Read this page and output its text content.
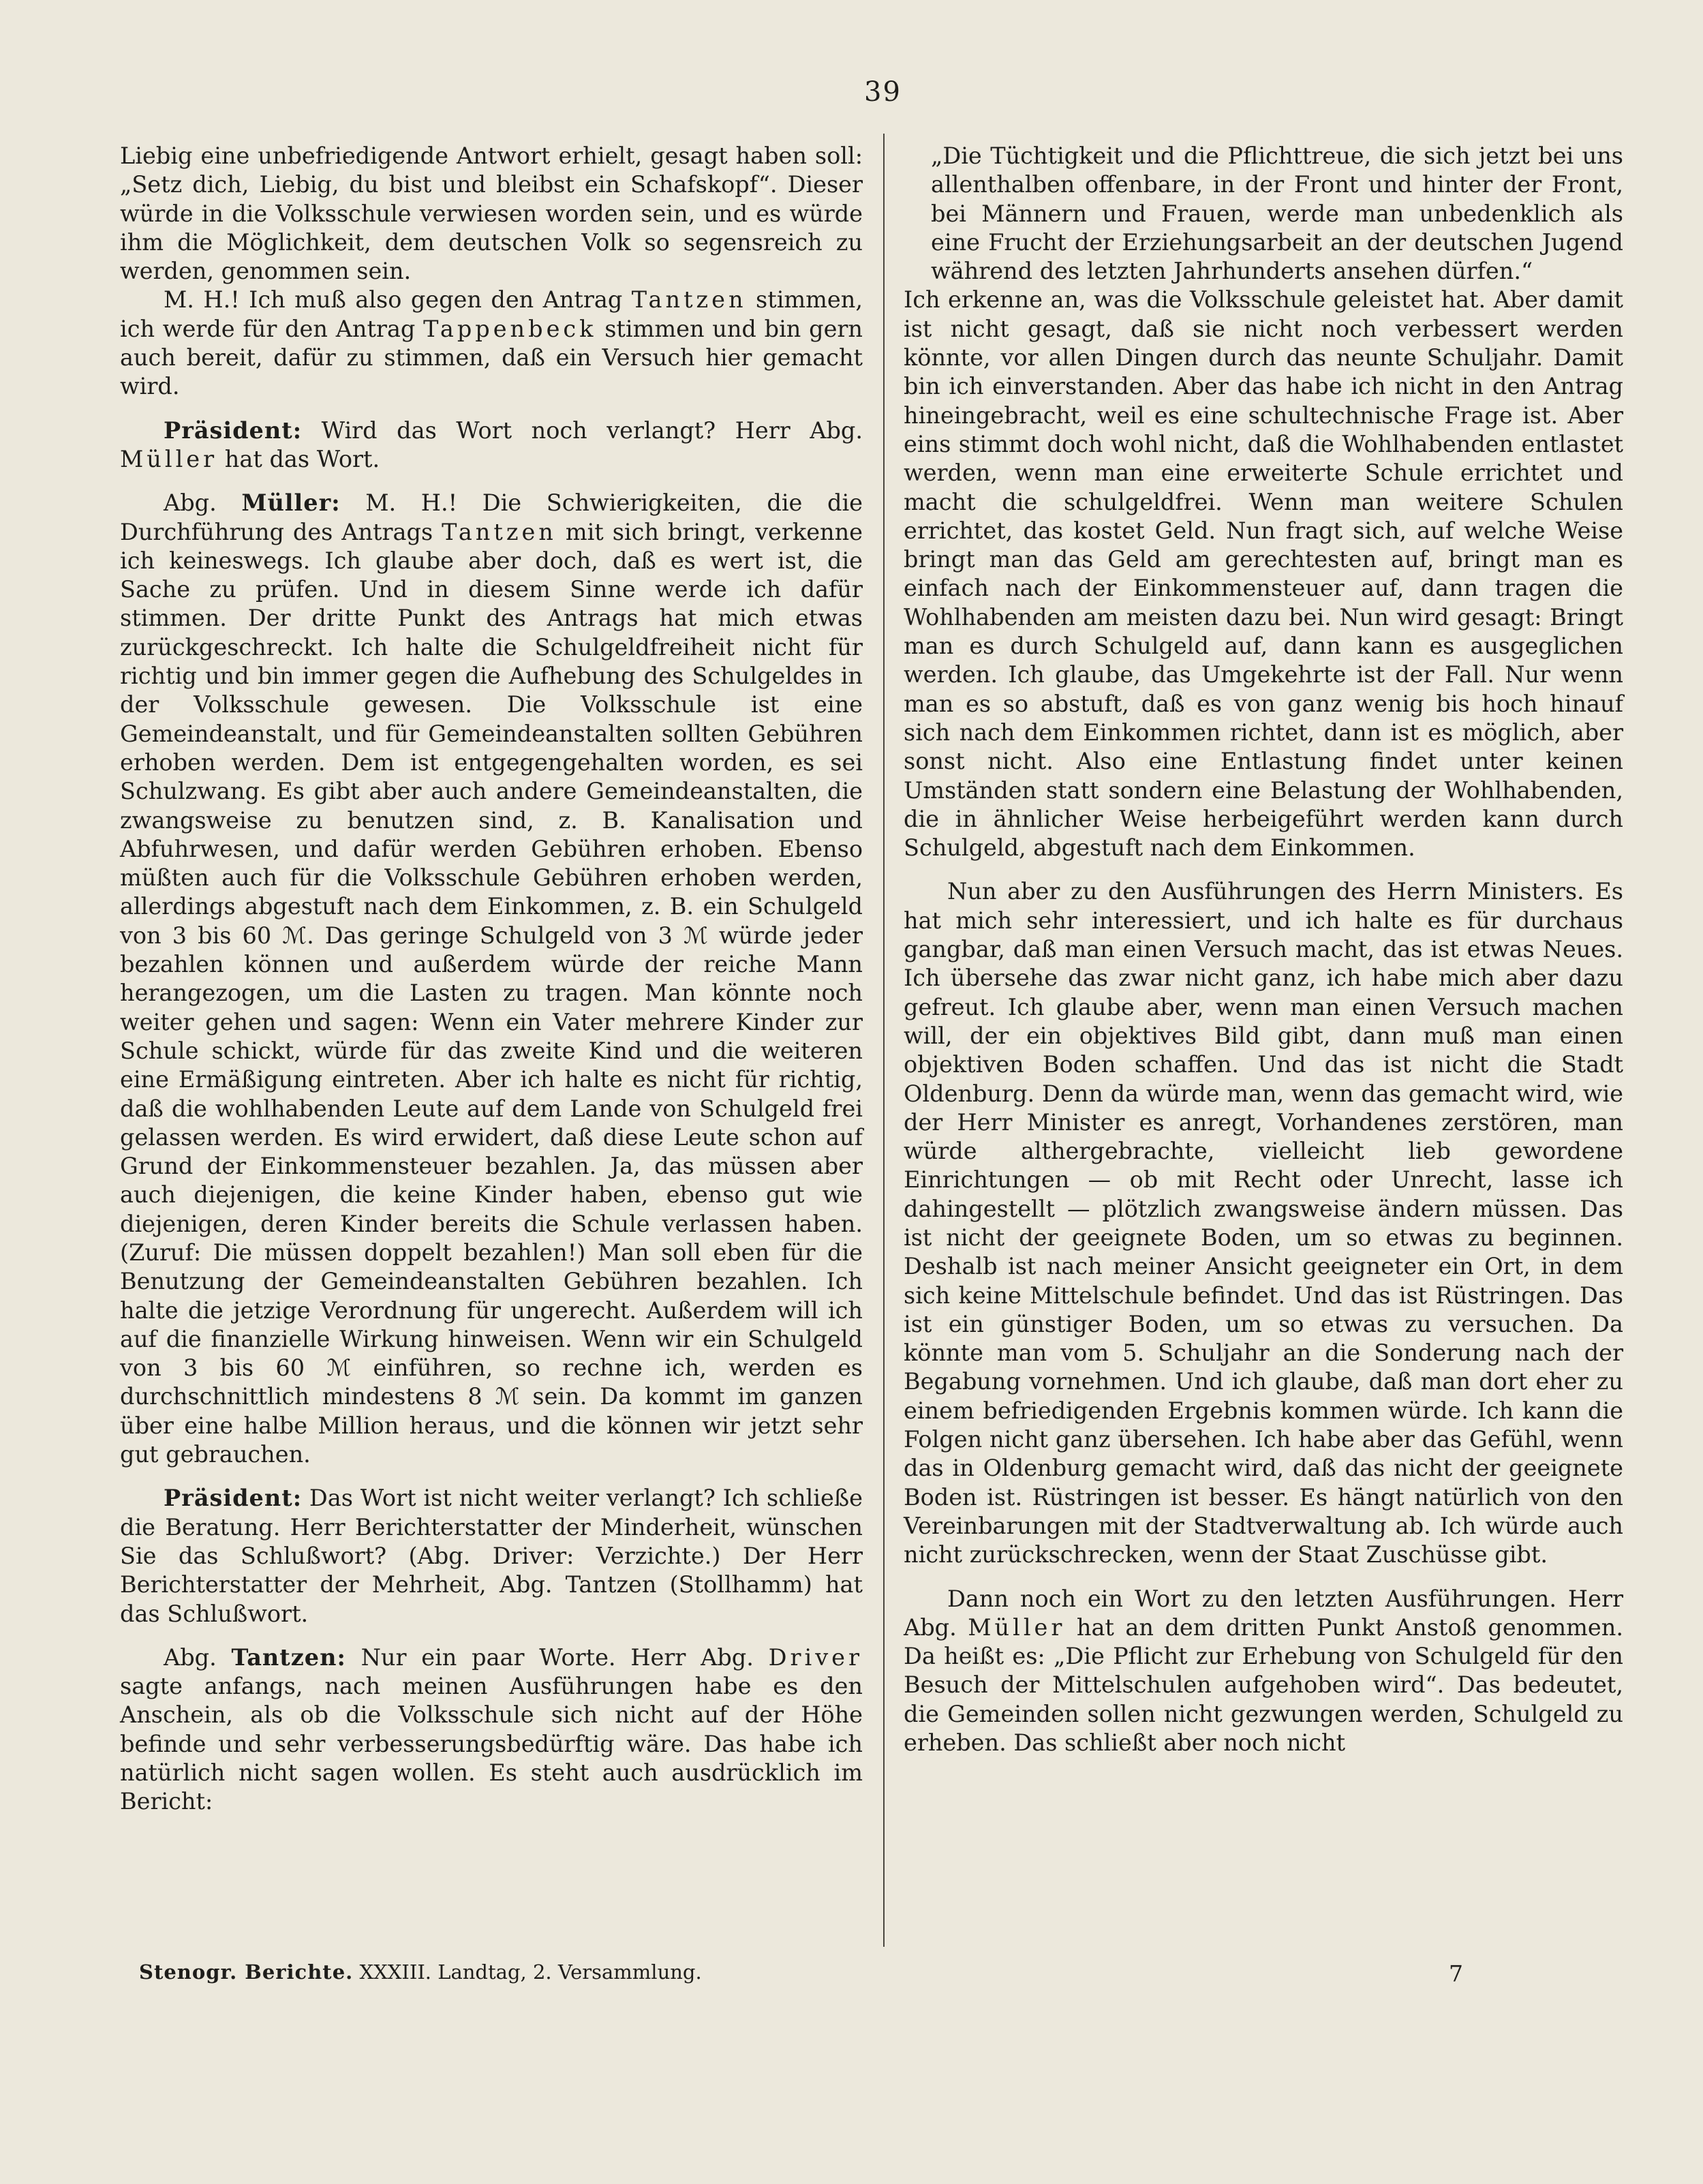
39

Liebig eine unbefriedigende Antwort erhielt, gesagt haben soll: „Setz dich, Liebig, du bist und bleibst ein Schafskopf“. Dieser würde in die Volksschule verwiesen worden sein, und es würde ihm die Möglichkeit, dem deutschen Volk so segensreich zu werden, genommen sein.

M. H.! Ich muß also gegen den Antrag Tantzen stimmen, ich werde für den Antrag Tappenbeck stimmen und bin gern auch bereit, dafür zu stimmen, daß ein Versuch hier gemacht wird.

Präsident: Wird das Wort noch verlangt? Herr Abg. Müller hat das Wort.

Abg. Müller: M. H.! Die Schwierigkeiten, die die Durchführung des Antrags Tantzen mit sich bringt, verkenne ich keineswegs. Ich glaube aber doch, daß es wert ist, die Sache zu prüfen. Und in diesem Sinne werde ich dafür stimmen. Der dritte Punkt des Antrags hat mich etwas zurückgeschreckt. Ich halte die Schulgeldfreiheit nicht für richtig und bin immer gegen die Aufhebung des Schulgeldes in der Volksschule gewesen. Die Volksschule ist eine Gemeindeanstalt, und für Gemeindeanstalten sollten Gebühren erhoben werden. Dem ist entgegengehalten worden, es sei Schulzwang. Es gibt aber auch andere Gemeindeanstalten, die zwangsweise zu benutzen sind, z. B. Kanalisation und Abfuhrwesen, und dafür werden Gebühren erhoben. Ebenso müßten auch für die Volksschule Gebühren erhoben werden, allerdings abgestuft nach dem Einkommen, z. B. ein Schulgeld von 3 bis 60 ℳ. Das geringe Schulgeld von 3 ℳ würde jeder bezahlen können und außerdem würde der reiche Mann herangezogen, um die Lasten zu tragen. Man könnte noch weiter gehen und sagen: Wenn ein Vater mehrere Kinder zur Schule schickt, würde für das zweite Kind und die weiteren eine Ermäßigung eintreten. Aber ich halte es nicht für richtig, daß die wohlhabenden Leute auf dem Lande von Schulgeld frei gelassen werden. Es wird erwidert, daß diese Leute schon auf Grund der Einkommensteuer bezahlen. Ja, das müssen aber auch diejenigen, die keine Kinder haben, ebenso gut wie diejenigen, deren Kinder bereits die Schule verlassen haben. (Zuruf: Die müssen doppelt bezahlen!) Man soll eben für die Benutzung der Gemeindeanstalten Gebühren bezahlen. Ich halte die jetzige Verordnung für ungerecht. Außerdem will ich auf die finanzielle Wirkung hinweisen. Wenn wir ein Schulgeld von 3 bis 60 ℳ einführen, so rechne ich, werden es durchschnittlich mindestens 8 ℳ sein. Da kommt im ganzen über eine halbe Million heraus, und die können wir jetzt sehr gut gebrauchen.

Präsident: Das Wort ist nicht weiter verlangt? Ich schließe die Beratung. Herr Berichterstatter der Minderheit, wünschen Sie das Schlußwort? (Abg. Driver: Verzichte.) Der Herr Berichterstatter der Mehrheit, Abg. Tantzen (Stollhamm) hat das Schlußwort.

Abg. Tantzen: Nur ein paar Worte. Herr Abg. Driver sagte anfangs, nach meinen Ausführungen habe es den Anschein, als ob die Volksschule sich nicht auf der Höhe befinde und sehr verbesserungsbedürftig wäre. Das habe ich natürlich nicht sagen wollen. Es steht auch ausdrücklich im Bericht:

„Die Tüchtigkeit und die Pflichttreue, die sich jetzt bei uns allenthalben offenbare, in der Front und hinter der Front, bei Männern und Frauen, werde man unbedenklich als eine Frucht der Erziehungsarbeit an der deutschen Jugend während des letzten Jahrhunderts ansehen dürfen.“

Ich erkenne an, was die Volksschule geleistet hat. Aber damit ist nicht gesagt, daß sie nicht noch verbessert werden könnte, vor allen Dingen durch das neunte Schuljahr. Damit bin ich einverstanden. Aber das habe ich nicht in den Antrag hineingebracht, weil es eine schultechnische Frage ist. Aber eins stimmt doch wohl nicht, daß die Wohlhabenden entlastet werden, wenn man eine erweiterte Schule errichtet und macht die schulgeldfrei. Wenn man weitere Schulen errichtet, das kostet Geld. Nun fragt sich, auf welche Weise bringt man das Geld am gerechtesten auf, bringt man es einfach nach der Einkommensteuer auf, dann tragen die Wohlhabenden am meisten dazu bei. Nun wird gesagt: Bringt man es durch Schulgeld auf, dann kann es ausgeglichen werden. Ich glaube, das Umgekehrte ist der Fall. Nur wenn man es so abstuft, daß es von ganz wenig bis hoch hinauf sich nach dem Einkommen richtet, dann ist es möglich, aber sonst nicht. Also eine Entlastung findet unter keinen Umständen statt sondern eine Belastung der Wohlhabenden, die in ähnlicher Weise herbeigeführt werden kann durch Schulgeld, abgestuft nach dem Einkommen.

Nun aber zu den Ausführungen des Herrn Ministers. Es hat mich sehr interessiert, und ich halte es für durchaus gangbar, daß man einen Versuch macht, das ist etwas Neues. Ich übersehe das zwar nicht ganz, ich habe mich aber dazu gefreut. Ich glaube aber, wenn man einen Versuch machen will, der ein objektives Bild gibt, dann muß man einen objektiven Boden schaffen. Und das ist nicht die Stadt Oldenburg. Denn da würde man, wenn das gemacht wird, wie der Herr Minister es anregt, Vorhandenes zerstören, man würde althergebrachte, vielleicht lieb gewordene Einrichtungen — ob mit Recht oder Unrecht, lasse ich dahingestellt — plötzlich zwangsweise ändern müssen. Das ist nicht der geeignete Boden, um so etwas zu beginnen. Deshalb ist nach meiner Ansicht geeigneter ein Ort, in dem sich keine Mittelschule befindet. Und das ist Rüstringen. Das ist ein günstiger Boden, um so etwas zu versuchen. Da könnte man vom 5. Schuljahr an die Sonderung nach der Begabung vornehmen. Und ich glaube, daß man dort eher zu einem befriedigenden Ergebnis kommen würde. Ich kann die Folgen nicht ganz übersehen. Ich habe aber das Gefühl, wenn das in Oldenburg gemacht wird, daß das nicht der geeignete Boden ist. Rüstringen ist besser. Es hängt natürlich von den Vereinbarungen mit der Stadtverwaltung ab. Ich würde auch nicht zurückschrecken, wenn der Staat Zuschüsse gibt.

Dann noch ein Wort zu den letzten Ausführungen. Herr Abg. Müller hat an dem dritten Punkt Anstoß genommen. Da heißt es: „Die Pflicht zur Erhebung von Schulgeld für den Besuch der Mittelschulen aufgehoben wird“. Das bedeutet, die Gemeinden sollen nicht gezwungen werden, Schulgeld zu erheben. Das schließt aber noch nicht

Stenogr. Berichte. XXXIII. Landtag, 2. Versammlung.	7
